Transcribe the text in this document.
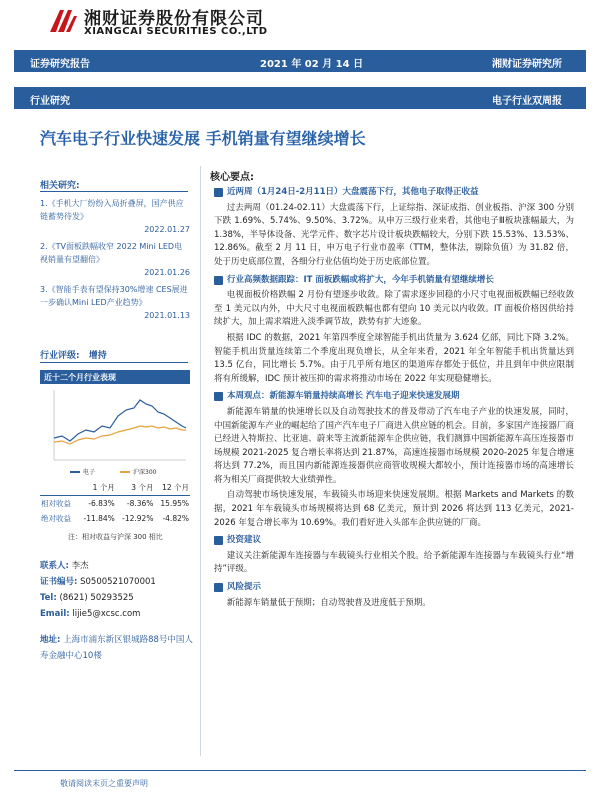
湘财证券股份有限公司
XIANGCAI SECURITIES CO.,LTD
证券研究报告	2021 年 02 月 14 日	湘财证券研究所
行业研究	电子行业双周报
汽车电子行业快速发展 手机销量有望继续增长
相关研究:
1.《手机大厂纷纷入局折叠屏，国产供应链蓄势待发》
2022.01.27
2.《TV面板跌幅收窄 2022 Mini LED电视销量有望翻倍》
2021.01.26
3.《智能手表有望保持30%增速 CES展进一步确认Mini LED产业趋势》
2021.01.13
行业评级: 增持
近十二个月行业表现
电子	沪深300
	1 个月	3 个月	12 个月
相对收益	-6.83%	-8.36%	15.95%
绝对收益	-11.84%	-12.92%	-4.82%
注：相对收益与沪深 300 相比
联系人: 李杰
证书编号: S0500521070001
Tel: (8621) 50293525
Email: lijie5@xcsc.com
地址: 上海市浦东新区银城路88号中国人寿金融中心10楼
核心要点:
近两周（1月24日-2月11日）大盘震荡下行，其他电子取得正收益

过去两周（01.24-02.11）大盘震荡下行，上证综指、深证成指、创业板指、沪深 300 分别下跌 1.69%、5.74%、9.50%、3.72%。从申万三级行业来看，其他电子Ⅲ板块涨幅最大，为 1.38%，半导体设备、光学元件、数字芯片设计板块跌幅较大，分别下跌 15.53%、13.53%、12.86%。截至 2 月 11 日，申万电子行业市盈率（TTM，整体法，剔除负值）为 31.82 倍，处于历史底部位置，各细分行业估值均处于历史底部位置。

行业高频数据跟踪：IT 面板跌幅或将扩大，今年手机销量有望继续增长

电视面板价格跌幅 2 月份有望逐步收敛。除了需求逐步回稳的小尺寸电视面板跌幅已经收敛至 1 美元以内外，中大尺寸电视面板跌幅也都有望向 10 美元以内收敛。IT 面板价格因供给持续扩大，加上需求端进入淡季调节故，跌势有扩大迹象。

根据 IDC 的数据，2021 年第四季度全球智能手机出货量为 3.624 亿部，同比下降 3.2%。智能手机出货量连续第二个季度出现负增长，从全年来看，2021 年全年智能手机出货量达到 13.5 亿台，同比增长 5.7%。由于几乎所有地区的渠道库存都处于低位，并且到年中供应限制将有所缓解，IDC 预计被压抑的需求将推动市场在 2022 年实现稳健增长。

本周观点：新能源车销量持续高增长 汽车电子迎来快速发展期

新能源车销量的快速增长以及自动驾驶技术的普及带动了汽车电子产业的快速发展，同时，中国新能源车产业的崛起给了国产汽车电子厂商进入供应链的机会。目前，多家国产连接器厂商已经进入特斯拉、比亚迪、蔚来等主流新能源车企供应链，我们测算中国新能源车高压连接器市场规模 2021-2025 复合增长率将达到 21.87%，高速连接器市场规模 2020-2025 年复合增速将达到 77.2%，而且国内新能源连接器供应商管收规模大都较小，预计连接器市场的高速增长将为相关厂商提供较大业绩弹性。

自动驾驶市场快速发展，车载镜头市场迎来快速发展期。根据 Markets and Markets 的数据，2021 年车载镜头市场规模将达到 68 亿美元，预计到 2026 将达到 113 亿美元，2021-2026 年复合增长率为 10.69%。我们看好进入头部车企供应链的厂商。

投资建议

建议关注新能源车连接器与车载镜头行业相关个股。给予新能源车连接器与车载镜头行业“增持”评级。

风险提示

新能源车销量低于预期；自动驾驶普及进度低于预期。

敬请阅读末页之重要声明
